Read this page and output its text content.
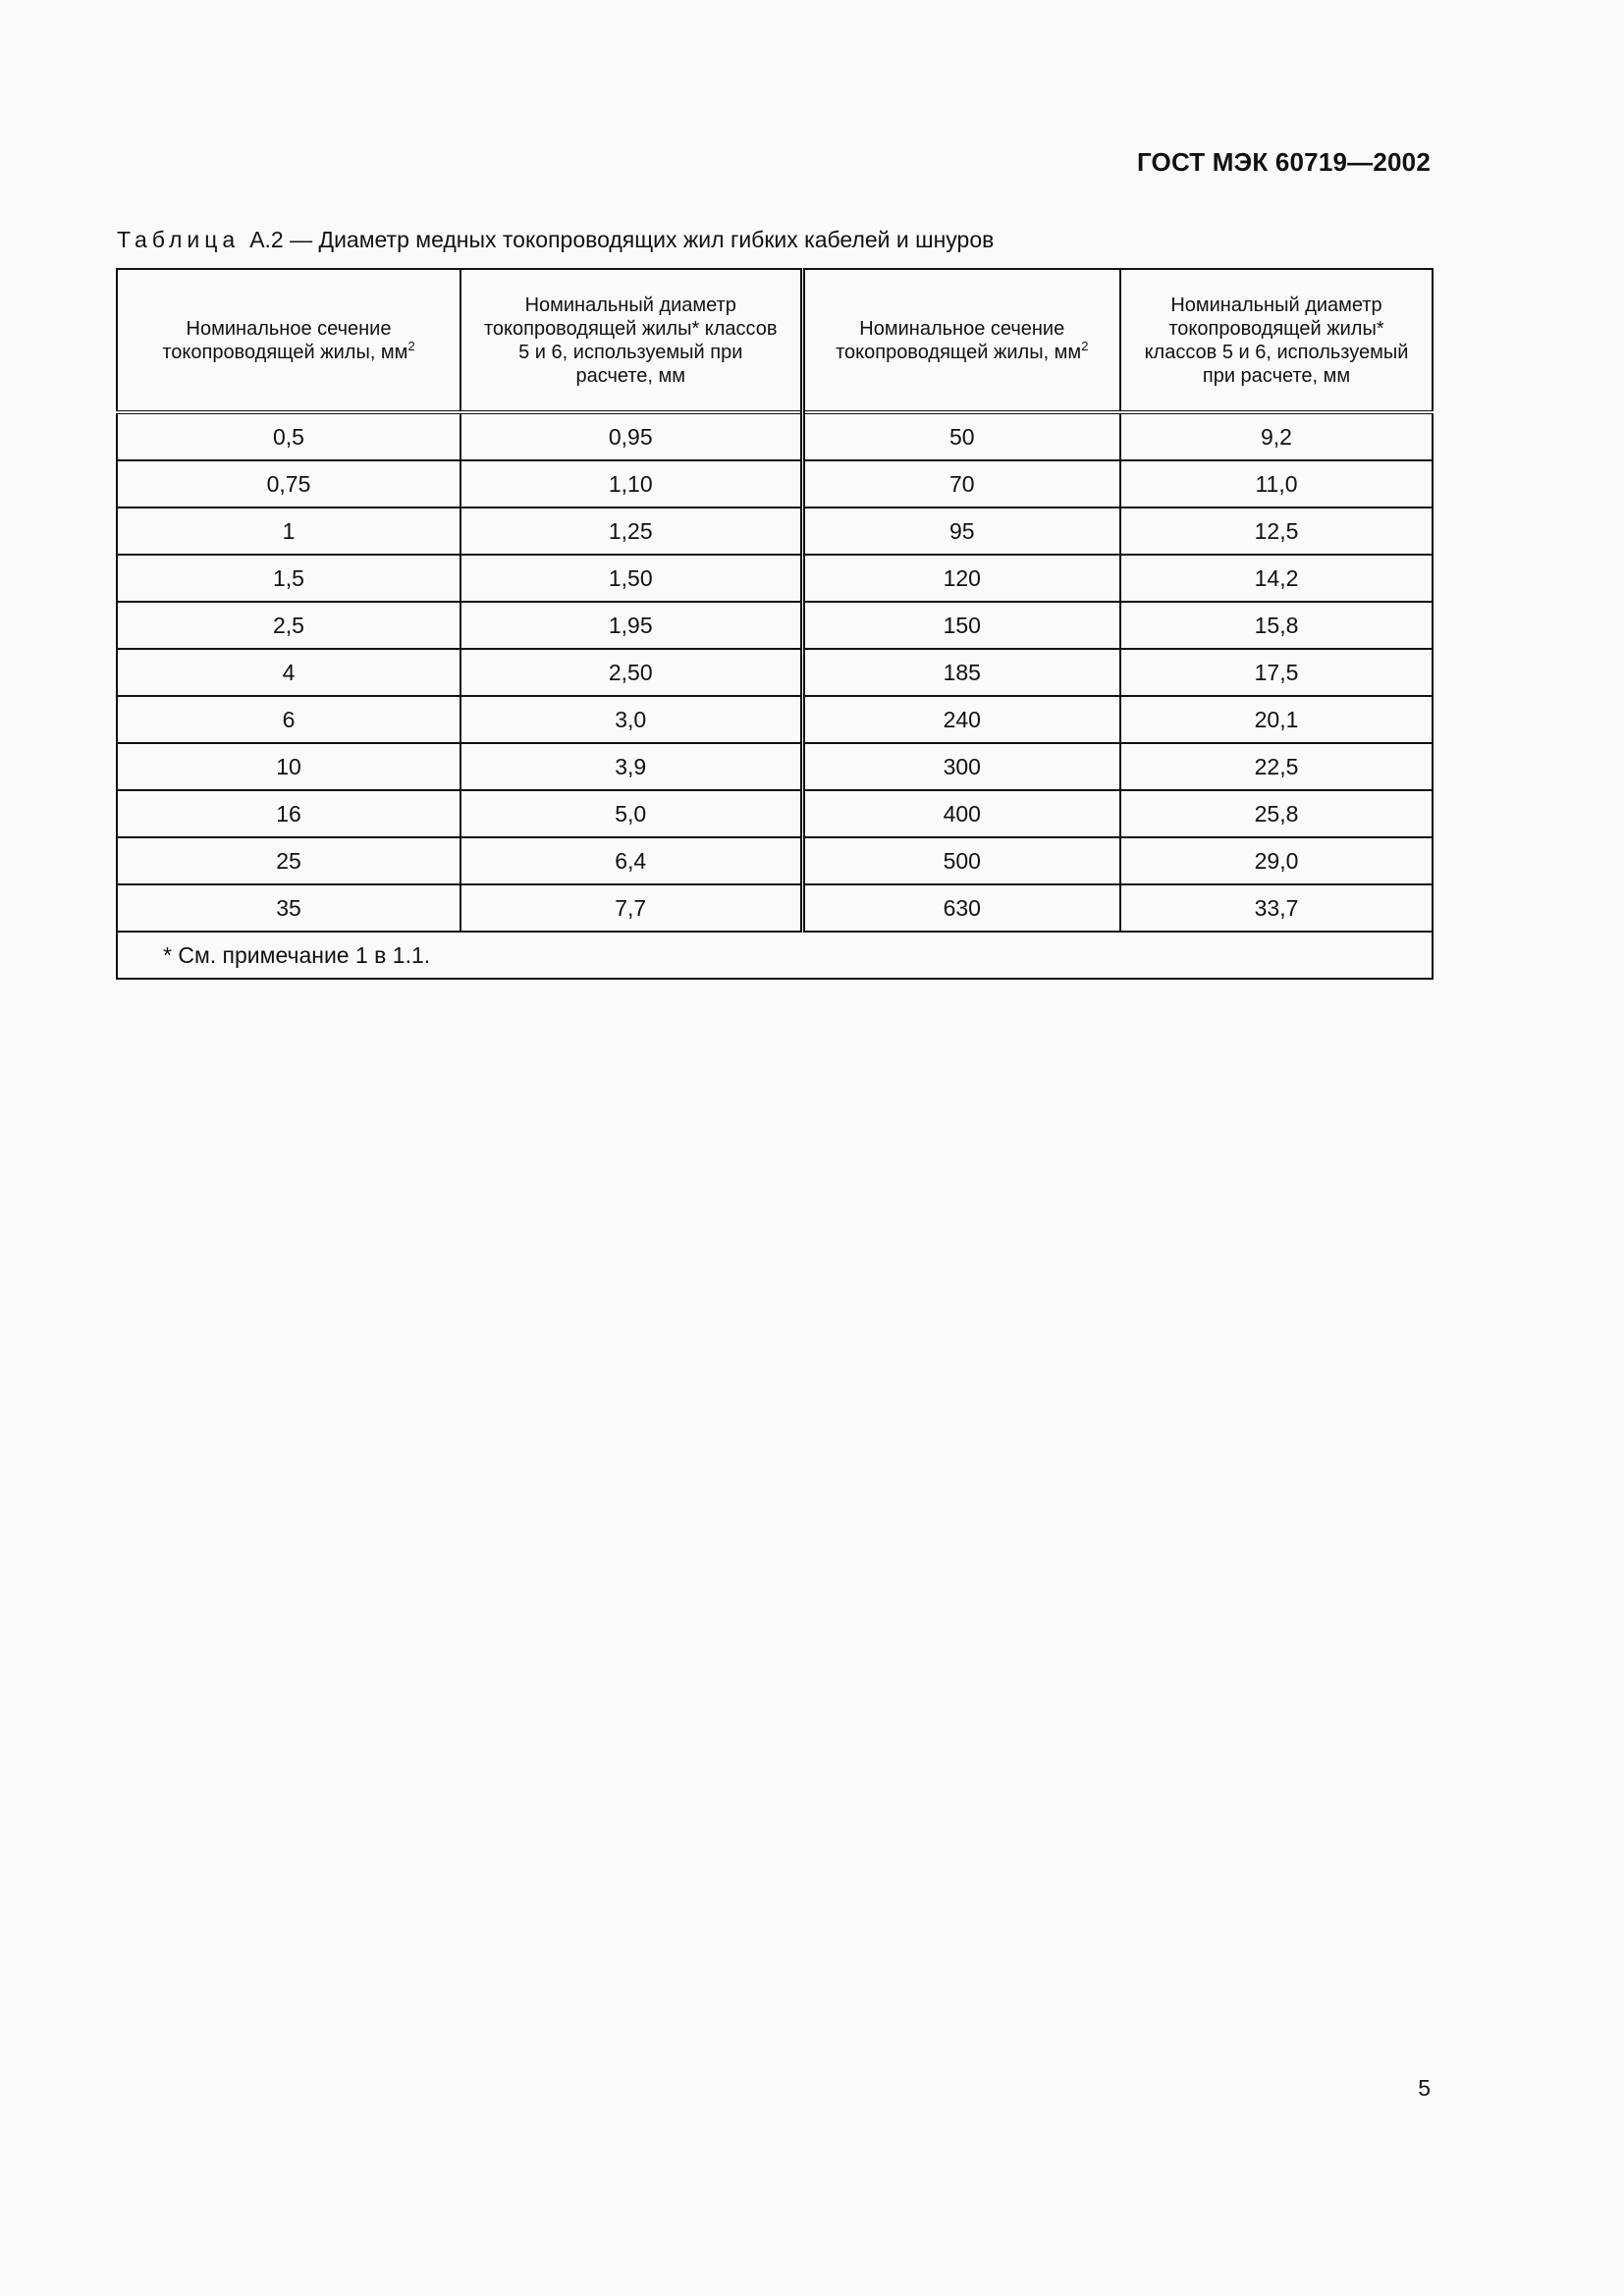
ГОСТ МЭК 60719—2002
Таблица А.2 — Диаметр медных токопроводящих жил гибких кабелей и шнуров
Номинальное сечение токопроводящей жилы, $мм^2$	Номинальный диаметр токопроводящей жилы* классов 5 и 6, используемый при расчете, мм	Номинальное сечение токопроводящей жилы, $мм^2$	Номинальный диаметр токопроводящей жилы* классов 5 и 6, используемый при расчете, мм
0,5	0,95	50	9,2
0,75	1,10	70	11,0
1	1,25	95	12,5
1,5	1,50	120	14,2
2,5	1,95	150	15,8
4	2,50	185	17,5
6	3,0	240	20,1
10	3,9	300	22,5
16	5,0	400	25,8
25	6,4	500	29,0
35	7,7	630	33,7
* См. примечание 1 в 1.1.			
5
